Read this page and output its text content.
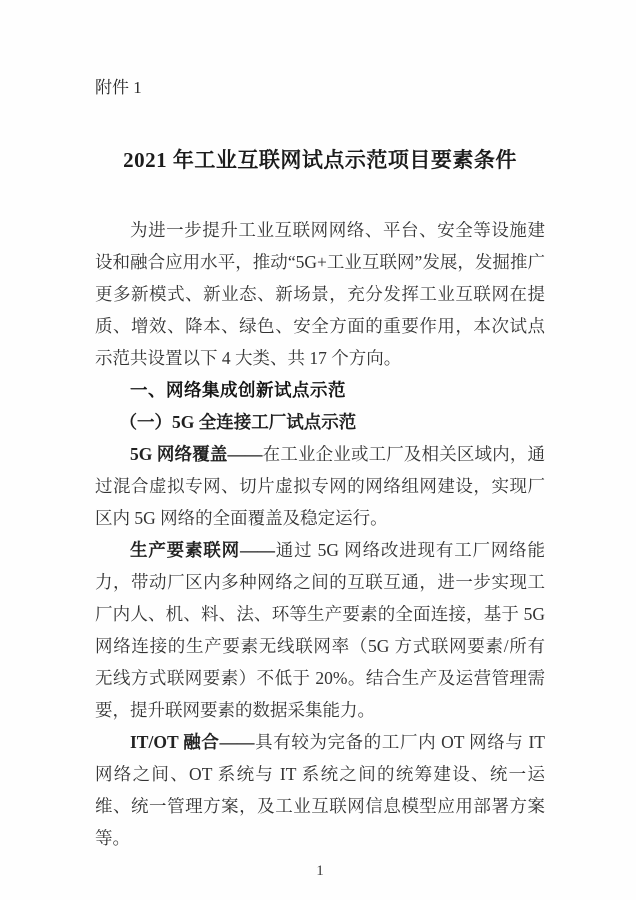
附件 1
2021 年工业互联网试点示范项目要素条件

为进一步提升工业互联网网络、平台、安全等设施建设和融合应用水平，推动“5G+工业互联网”发展，发掘推广更多新模式、新业态、新场景，充分发挥工业互联网在提质、增效、降本、绿色、安全方面的重要作用，本次试点示范共设置以下 4 大类、共 17 个方向。

一、网络集成创新试点示范
（一）5G 全连接工厂试点示范

5G 网络覆盖——在工业企业或工厂及相关区域内，通过混合虚拟专网、切片虚拟专网的网络组网建设，实现厂区内 5G 网络的全面覆盖及稳定运行。

生产要素联网——通过 5G 网络改进现有工厂网络能力，带动厂区内多种网络之间的互联互通，进一步实现工厂内人、机、料、法、环等生产要素的全面连接，基于 5G 网络连接的生产要素无线联网率（5G 方式联网要素/所有无线方式联网要素）不低于 20%。结合生产及运营管理需要，提升联网要素的数据采集能力。

IT/OT 融合——具有较为完备的工厂内 OT 网络与 IT 网络之间、OT 系统与 IT 系统之间的统筹建设、统一运维、统一管理方案，及工业互联网信息模型应用部署方案等。

1
